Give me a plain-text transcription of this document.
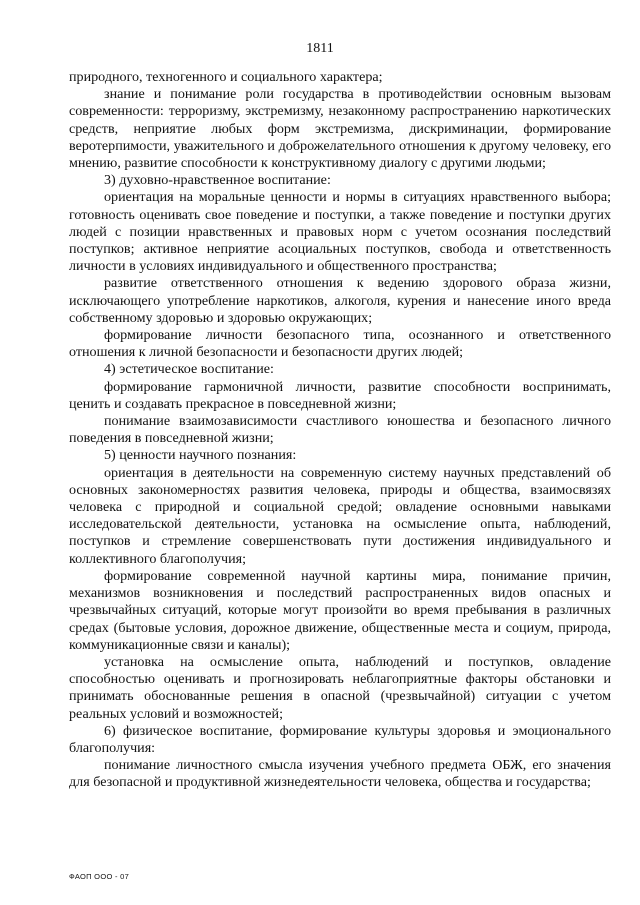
1811

природного, техногенного и социального характера;

знание и понимание роли государства в противодействии основным вызовам современности: терроризму, экстремизму, незаконному распространению наркотических средств, неприятие любых форм экстремизма, дискриминации, формирование веротерпимости, уважительного и доброжелательного отношения к другому человеку, его мнению, развитие способности к конструктивному диалогу с другими людьми;

3) духовно-нравственное воспитание:

ориентация на моральные ценности и нормы в ситуациях нравственного выбора; готовность оценивать свое поведение и поступки, а также поведение и поступки других людей с позиции нравственных и правовых норм с учетом осознания последствий поступков; активное неприятие асоциальных поступков, свобода и ответственность личности в условиях индивидуального и общественного пространства;

развитие ответственного отношения к ведению здорового образа жизни, исключающего употребление наркотиков, алкоголя, курения и нанесение иного вреда собственному здоровью и здоровью окружающих;

формирование личности безопасного типа, осознанного и ответственного отношения к личной безопасности и безопасности других людей;

4) эстетическое воспитание:

формирование гармоничной личности, развитие способности воспринимать, ценить и создавать прекрасное в повседневной жизни;

понимание взаимозависимости счастливого юношества и безопасного личного поведения в повседневной жизни;

5) ценности научного познания:

ориентация в деятельности на современную систему научных представлений об основных закономерностях развития человека, природы и общества, взаимосвязях человека с природной и социальной средой; овладение основными навыками исследовательской деятельности, установка на осмысление опыта, наблюдений, поступков и стремление совершенствовать пути достижения индивидуального и коллективного благополучия;

формирование современной научной картины мира, понимание причин, механизмов возникновения и последствий распространенных видов опасных и чрезвычайных ситуаций, которые могут произойти во время пребывания в различных средах (бытовые условия, дорожное движение, общественные места и социум, природа, коммуникационные связи и каналы);

установка на осмысление опыта, наблюдений и поступков, овладение способностью оценивать и прогнозировать неблагоприятные факторы обстановки и принимать обоснованные решения в опасной (чрезвычайной) ситуации с учетом реальных условий и возможностей;

6) физическое воспитание, формирование культуры здоровья и эмоционального благополучия:

понимание личностного смысла изучения учебного предмета ОБЖ, его значения для безопасной и продуктивной жизнедеятельности человека, общества и государства;

ФАОП ООО - 07
